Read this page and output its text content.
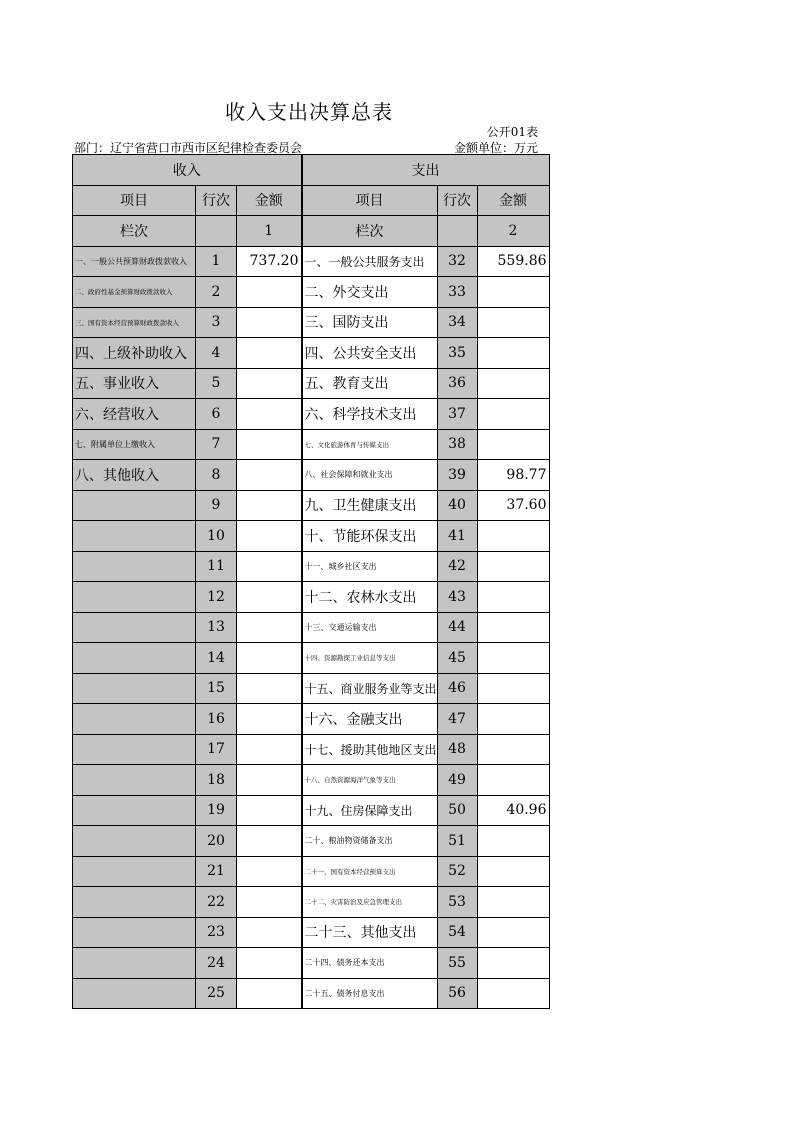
收入支出决算总表
公开01表
部门：辽宁省营口市西市区纪律检查委员会	金额单位：万元
收入			支出		
项目	行次	金额	项目	行次	金额
栏次		1	栏次		2
一、一般公共预算财政拨款收入	1	737.20	一、一般公共服务支出	32	559.86
二、政府性基金预算财政拨款收入	2		二、外交支出	33	
三、国有资本经营预算财政拨款收入	3		三、国防支出	34	
四、上级补助收入	4		四、公共安全支出	35	
五、事业收入	5		五、教育支出	36	
六、经营收入	6		六、科学技术支出	37	
七、附属单位上缴收入	7		七、文化旅游体育与传媒支出	38	
八、其他收入	8		八、社会保障和就业支出	39	98.77
	9		九、卫生健康支出	40	37.60
	10		十、节能环保支出	41	
	11		十一、城乡社区支出	42	
	12		十二、农林水支出	43	
	13		十三、交通运输支出	44	
	14		十四、资源勘探工业信息等支出	45	
	15		十五、商业服务业等支出	46	
	16		十六、金融支出	47	
	17		十七、援助其他地区支出	48	
	18		十八、自然资源海洋气象等支出	49	
	19		十九、住房保障支出	50	40.96
	20		二十、粮油物资储备支出	51	
	21		二十一、国有资本经营预算支出	52	
	22		二十二、灾害防治及应急管理支出	53	
	23		二十三、其他支出	54	
	24		二十四、债务还本支出	55	
	25		二十五、债务付息支出	56	
